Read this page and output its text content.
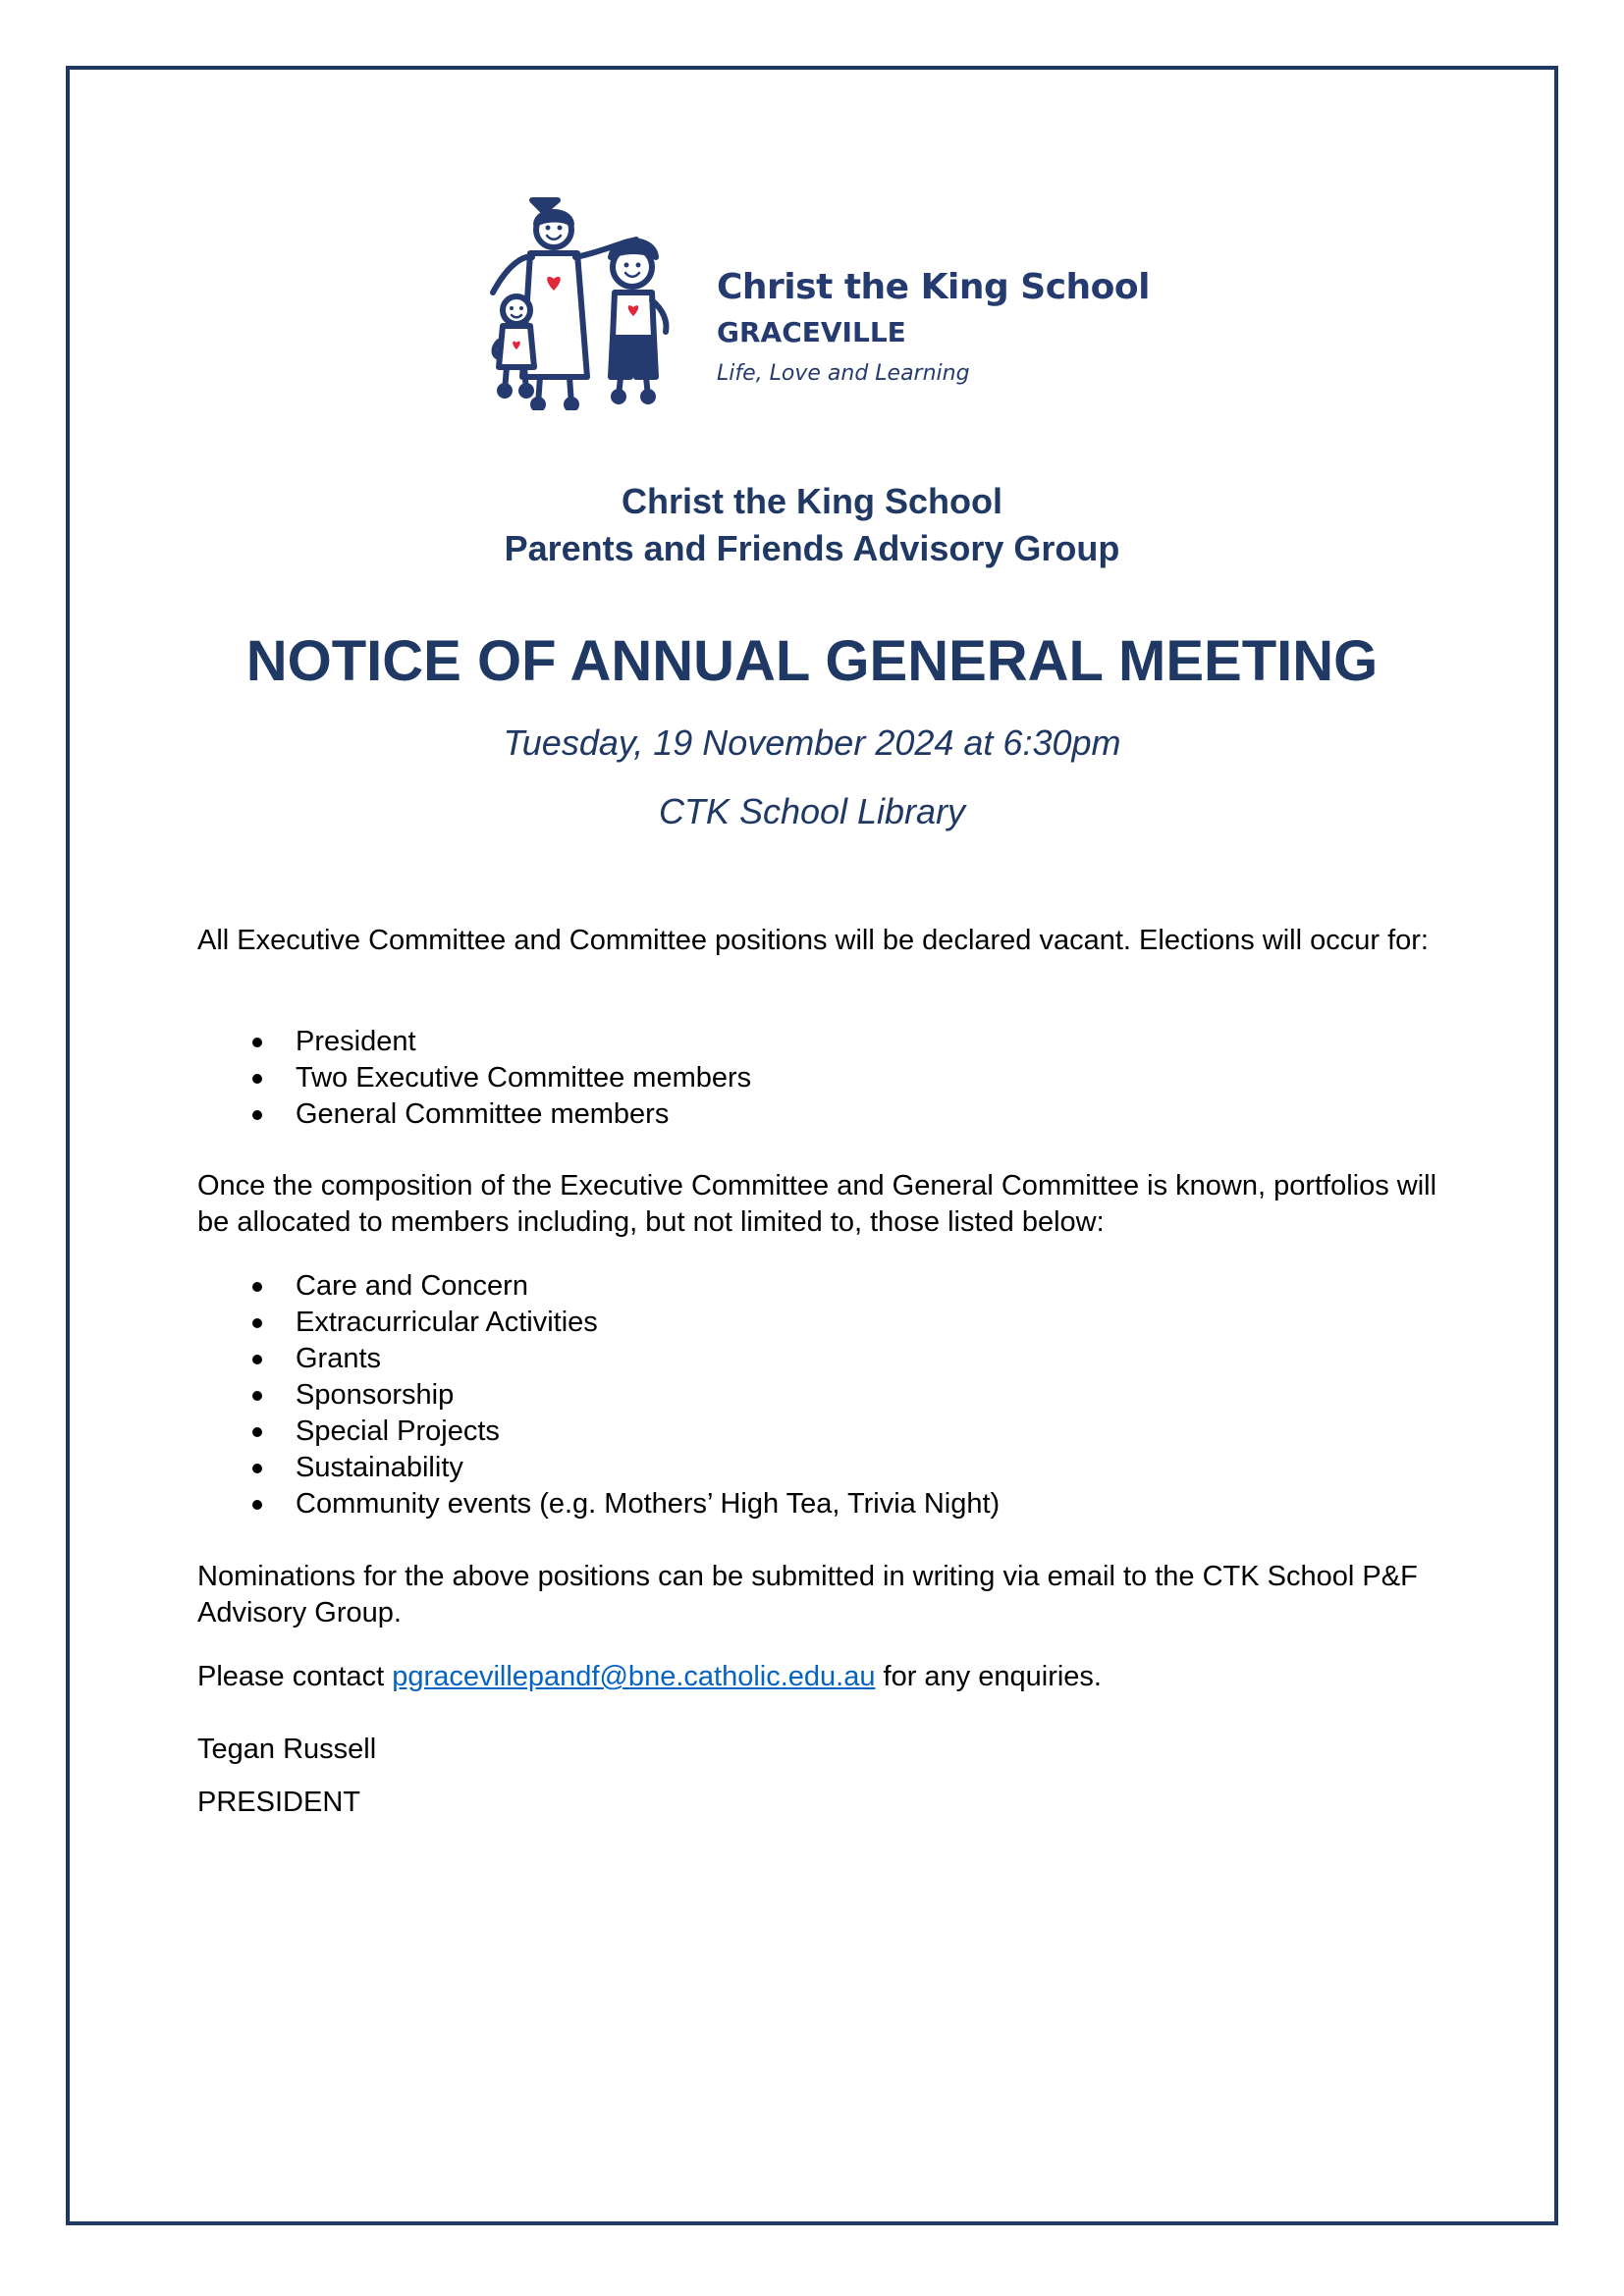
Christ the King School
GRACEVILLE
Life, Love and Learning
Christ the King School
Parents and Friends Advisory Group
NOTICE OF ANNUAL GENERAL MEETING
Tuesday, 19 November 2024 at 6:30pm
CTK School Library

All Executive Committee and Committee positions will be declared vacant. Elections will occur for:

President
Two Executive Committee members
General Committee members

Once the composition of the Executive Committee and General Committee is known, portfolios will be allocated to members including, but not limited to, those listed below:

Care and Concern
Extracurricular Activities
Grants
Sponsorship
Special Projects
Sustainability
Community events (e.g. Mothers’ High Tea, Trivia Night)

Nominations for the above positions can be submitted in writing via email to the CTK School P&F Advisory Group.

Please contact pgracevillepandf@bne.catholic.edu.au for any enquiries.

Tegan Russell

PRESIDENT
